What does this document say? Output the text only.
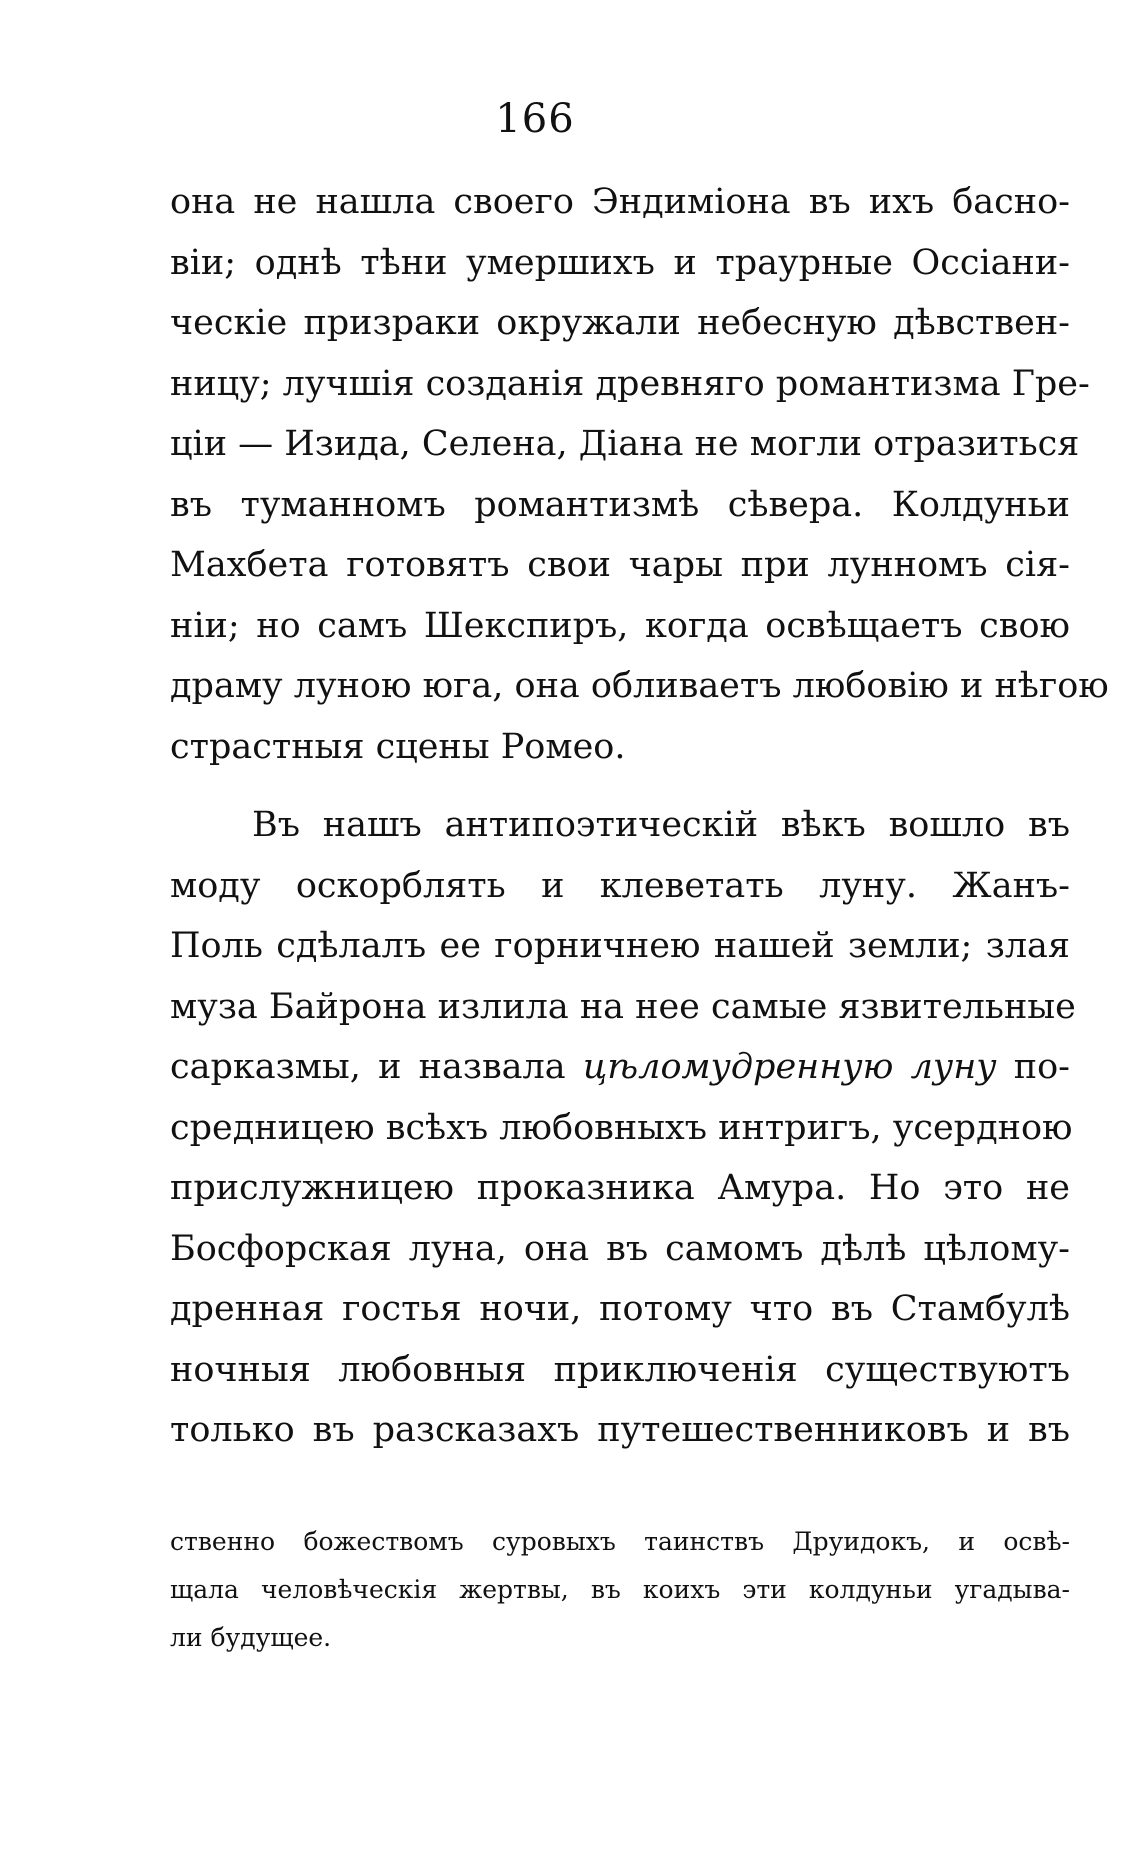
166
она не нашла своего Эндиміона въ ихъ басно-
віи; однѣ тѣни умершихъ и траурные Оссіани-
ческіе призраки окружали небесную дѣвствен-
ницу; лучшія созданія древняго романтизма Гре-
ціи — Изида, Селена, Діана не могли отразиться
въ туманномъ романтизмѣ сѣвера. Колдуньи
Махбета готовятъ свои чары при лунномъ сія-
ніи; но самъ Шекспиръ, когда освѣщаетъ свою
драму луною юга, она обливаетъ любовію и нѣгою
страстныя сцены Ромео.
Въ нашъ антипоэтическій вѣкъ вошло въ
моду оскорблять и клеветать луну. Жанъ-
Поль сдѣлалъ ее горничнею нашей земли; злая
муза Байрона излила на нее самые язвительные
сарказмы, и назвала цѣломудренную луну по-
средницею всѣхъ любовныхъ интригъ, усердною
прислужницею проказника Амура. Но это не
Босфорская луна, она въ самомъ дѣлѣ цѣлому-
дренная гостья ночи, потому что въ Стамбулѣ
ночныя любовныя приключенія существуютъ
только въ разсказахъ путешественниковъ и въ
ственно божествомъ суровыхъ таинствъ Друидокъ, и освѣ-
щала человѣческія жертвы, въ коихъ эти колдуньи угадыва-
ли будущее.
